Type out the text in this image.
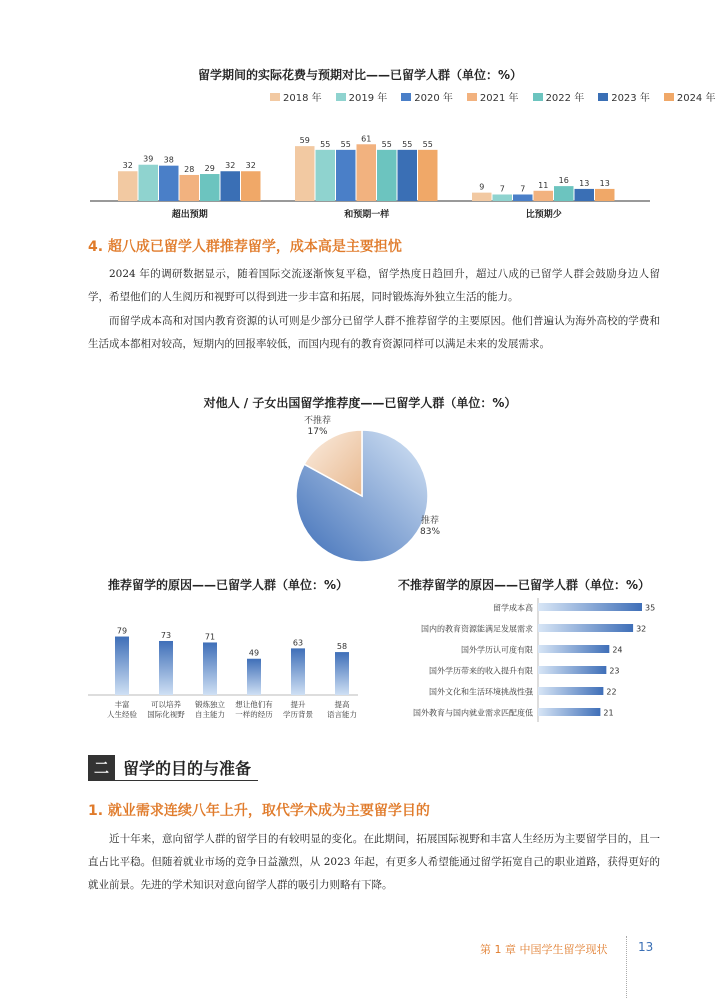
留学期间的实际花费与预期对比——已留学人群（单位：%）
2018 年	2019 年	2020 年	2021 年	2022 年	2023 年	2024 年
32
39 38
28 29 32 32
超出预期
59 55 55
61
55 55 55
和预期一样
9 7 7 11
16 13 13
比预期少
4. 超八成已留学人群推荐留学，成本高是主要担忧
2024 年的调研数据显示，随着国际交流逐渐恢复平稳，留学热度日趋回升，超过八成的已留学人群会鼓励身边人留学，希望他们的人生阅历和视野可以得到进一步丰富和拓展，同时锻炼海外独立生活的能力。
而留学成本高和对国内教育资源的认可则是少部分已留学人群不推荐留学的主要原因。他们普遍认为海外高校的学费和生活成本都相对较高，短期内的回报率较低，而国内现有的教育资源同样可以满足未来的发展需求。
对他人 / 子女出国留学推荐度——已留学人群（单位：%）
不推荐
17%
推荐
83%
推荐留学的原因——已留学人群（单位：%）
79
丰富
人生经验
73
可以培养
国际化视野
71
锻炼独立
自主能力
49
想让他们有
一样的经历
63
提升
学历背景
58
提高
语言能力
不推荐留学的原因——已留学人群（单位：%）
35
留学成本高
32
国内的教育资源能满足发展需求
24
国外学历认可度有限
23
国外学历带来的收入提升有限
22
国外文化和生活环境挑战性强
21
国外教育与国内就业需求匹配度低
二 留学的目的与准备
1. 就业需求连续八年上升，取代学术成为主要留学目的
近十年来，意向留学人群的留学目的有较明显的变化。在此期间，拓展国际视野和丰富人生经历为主要留学目的，且一直占比平稳。但随着就业市场的竞争日益激烈，从 2023 年起，有更多人希望能通过留学拓宽自己的职业道路，获得更好的就业前景。先进的学术知识对意向留学人群的吸引力则略有下降。
第 1 章 中国学生留学现状	13
